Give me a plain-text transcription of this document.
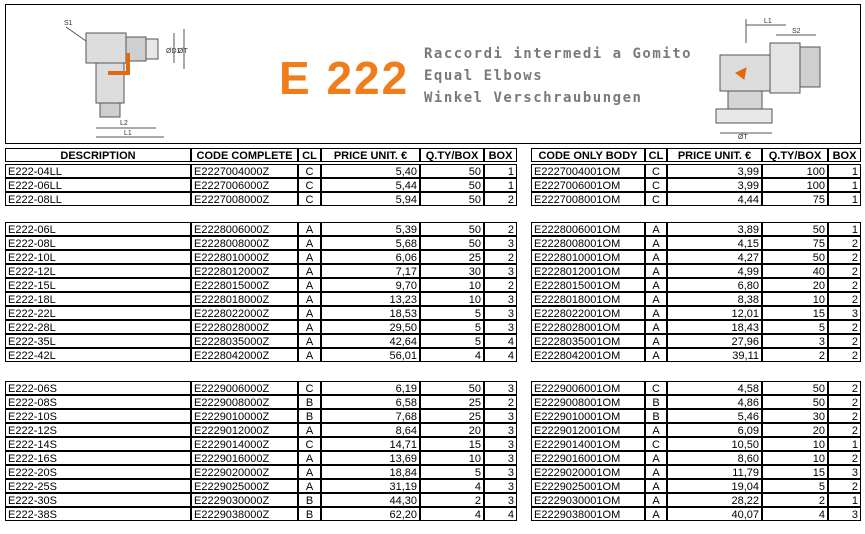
S1
ØD1
ØT
L2
L1
E 222 Raccordi intermedi a Gomito
Equal Elbows
Winkel Verschraubungen
L1
S2
ØT
DESCRIPTION	CODE COMPLETE CL	PRICE UNIT. €	Q.TY/BOX BOX	CODE ONLY BODY	CL	PRICE UNIT. €	Q.TY/BOX	BOX
E222-04LL	E2227004000Z	C	5,40	50	1 E2227004001OM	C	3,99	100	1
E222-06LL	E2227006000Z	C	5,44	50	1 E2227006001OM	C	3,99	100	1
E222-08LL	E2227008000Z	C	5,94	50	2 E2227008001OM	C	4,44	75	1
E222-06L	E2228006000Z	A	5,39	50	2 E2228006001OM	A	3,89	50	1
E222-08L	E2228008000Z	A	5,68	50	3 E2228008001OM	A	4,15	75	2
E222-10L	E2228010000Z	A	6,06	25	2 E2228010001OM	A	4,27	50	2
E222-12L	E2228012000Z	A	7,17	30	3 E2228012001OM	A	4,99	40	2
E222-15L	E2228015000Z	A	9,70	10	2 E2228015001OM	A	6,80	20	2
E222-18L	E2228018000Z	A	13,23	10	3 E2228018001OM	A	8,38	10	2
E222-22L	E2228022000Z	A	18,53	5	3 E2228022001OM	A	12,01	15	3
E222-28L	E2228028000Z	A	29,50	5	3 E2228028001OM	A	18,43	5	2
E222-35L	E2228035000Z	A	42,64	5	4 E2228035001OM	A	27,96	3	2
E222-42L	E2228042000Z	A	56,01	4	4 E2228042001OM	A	39,11	2	2
E222-06S	E2229006000Z	C	6,19	50	3 E2229006001OM	C	4,58	50	2
E222-08S	E2229008000Z	B	6,58	25	2 E2229008001OM	B	4,86	50	2
E222-10S	E2229010000Z	B	7,68	25	3 E2229010001OM	B	5,46	30	2
E222-12S	E2229012000Z	A	8,64	20	3 E2229012001OM	A	6,09	20	2
E222-14S	E2229014000Z	C	14,71	15	3 E2229014001OM	C	10,50	10	1
E222-16S	E2229016000Z	A	13,69	10	3 E2229016001OM	A	8,60	10	2
E222-20S	E2229020000Z	A	18,84	5	3 E2229020001OM	A	11,79	15	3
E222-25S	E2229025000Z	A	31,19	4	3 E2229025001OM	A	19,04	5	2
E222-30S	E2229030000Z	B	44,30	2	3 E2229030001OM	A	28,22	2	1
E222-38S	E2229038000Z	B	62,20	4	4 E2229038001OM	A	40,07	4	3
